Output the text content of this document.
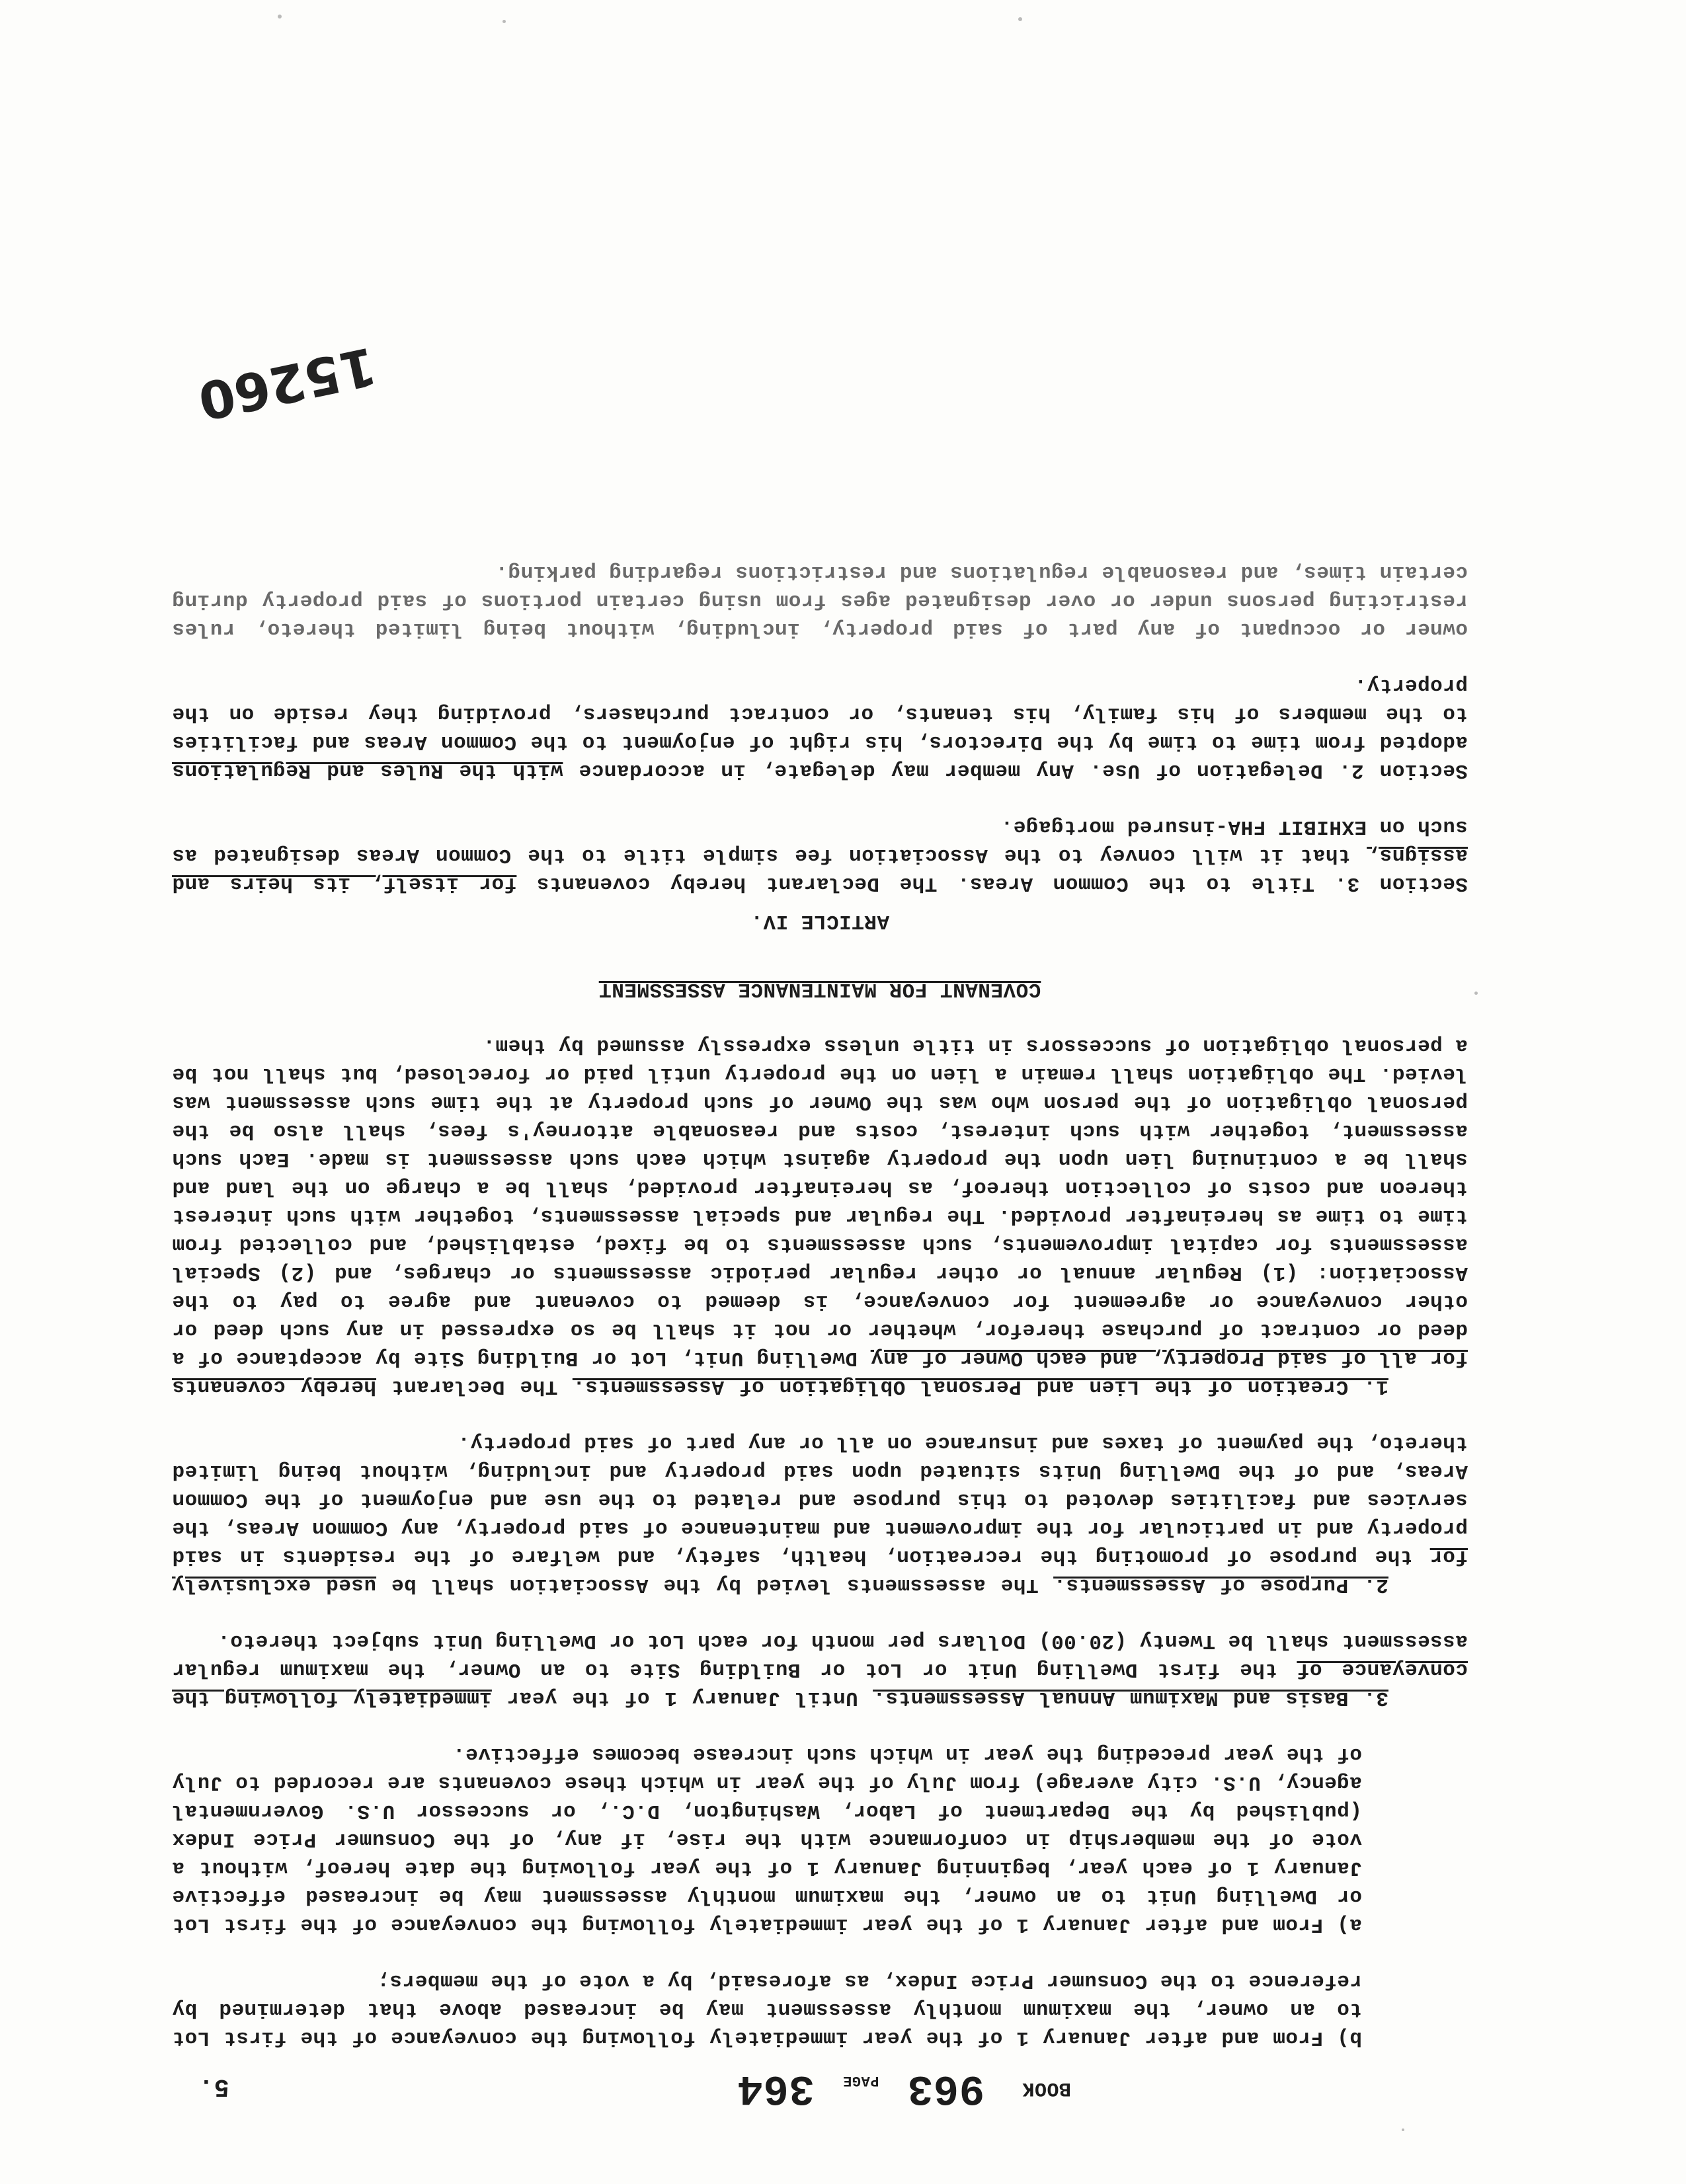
BOOK 963 PAGE 364
5.

b) From and after January 1 of the year immediately following the conveyance of the first Lot to an owner, the maximum monthly assessment may be increased above that determined by reference to the Consumer Price Index, as aforesaid, by a vote of the members;

a) From and after January 1 of the year immediately following the conveyance of the first Lot or Dwelling Unit to an owner, the maximum monthly assessment may be increased effective January 1 of each year, beginning January 1 of the year following the date hereof, without a vote of the membership in conformance with the rise, if any, of the Consumer Price Index (published by the Department of Labor, Washington, D.C., or successor U.S. Governmental agency, U.S. city average) from July of the year in which these covenants are recorded to July of the year preceding the year in which such increase becomes effective.

3. Basis and Maximum Annual Assessments. Until January 1 of the year immediately following the conveyance of the first Dwelling Unit or Lot or Building Site to an Owner, the maximum regular assessment shall be Twenty (20.00) Dollars per month for each Lot or Dwelling Unit subject thereto.

2. Purpose of Assessments. The assessments levied by the Association shall be used exclusively for the purpose of promoting the recreation, health, safety, and welfare of the residents in said property and in particular for the improvement and maintenance of said property, any Common Areas, the services and facilities devoted to this purpose and related to the use and enjoyment of the Common Areas, and of the Dwelling Units situated upon said property and including, without being limited thereto, the payment of taxes and insurance on all or any part of said property.

1. Creation of the Lien and Personal Obligation of Assessments. The Declarant hereby covenants for all of said Property, and each Owner of any Dwelling Unit, Lot or Building Site by acceptance of a deed or contract of purchase therefor, whether or not it shall be so expressed in any such deed or other conveyance or agreement for conveyance, is deemed to covenant and agree to pay to the Association: (1) Regular annual or other regular periodic assessments or charges, and (2) Special assessments for capital improvements, such assessments to be fixed, established, and collected from time to time as hereinafter provided. The regular and special assessments, together with such interest thereon and costs of collection thereof, as hereinafter provided, shall be a charge on the land and shall be a continuing lien upon the property against which each such assessment is made. Each such assessment, together with such interest, costs and reasonable attorney's fees, shall also be the personal obligation of the person who was the Owner of such property at the time such assessment was levied. The obligation shall remain a lien on the property until paid or foreclosed, but shall not be a personal obligation of successors in title unless expressly assumed by them.

COVENANT FOR MAINTENANCE ASSESSMENT

ARTICLE IV.

Section 3. Title to the Common Areas. The Declarant hereby covenants for itself, its heirs and assigns, that it will convey to the Association fee simple title to the Common Areas designated as such on EXHIBIT FHA-insured mortgage.

Section 2. Delegation of Use. Any member may delegate, in accordance with the Rules and Regulations adopted from time to time by the Directors, his right of enjoyment to the Common Areas and facilities to the members of his family, his tenants, or contract purchasers, providing they reside on the property.

owner or occupant of any part of said property, including, without being limited thereto, rules restricting persons under or over designated ages from using certain portions of said property during certain times, and reasonable regulations and restrictions regarding parking.

15260
